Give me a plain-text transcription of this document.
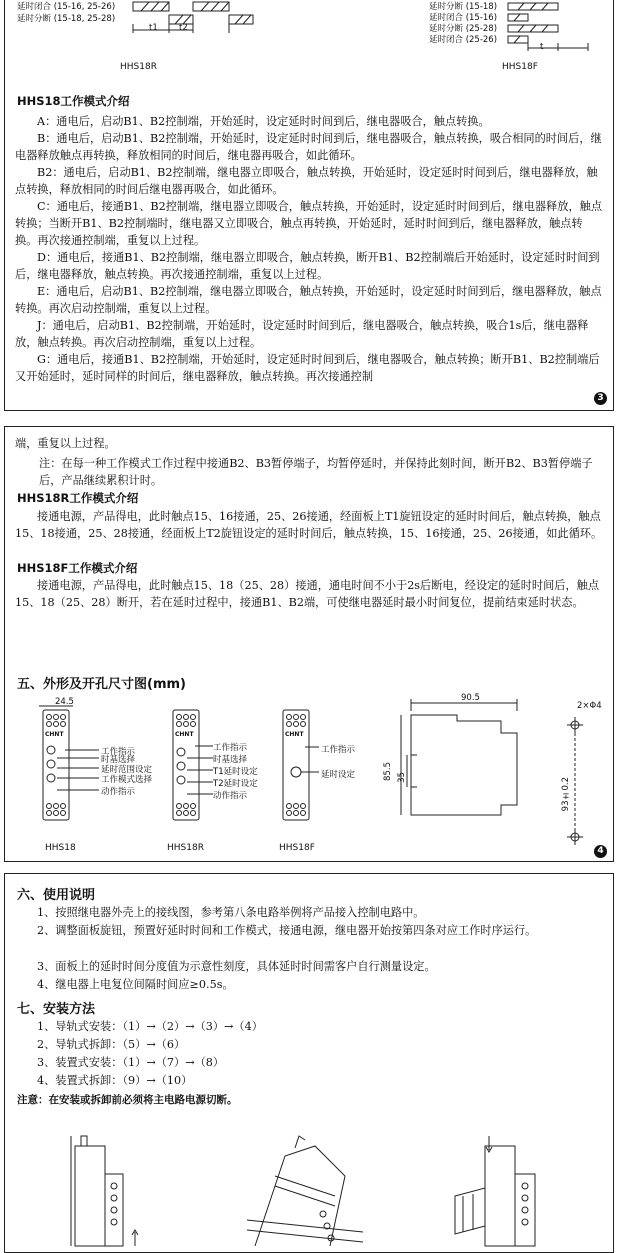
延时闭合 (15-16, 25-26)
延时分断 (15-18, 25-28)
t1	t2
HHS18R
延时分断 (15-18)
延时闭合 (15-16)
延时分断 (25-28)
延时闭合 (25-26)
t
HHS18F
HHS18工作模式介绍

A：通电后，启动B1、B2控制端，开始延时，设定延时时间到后，继电器吸合，触点转换。

B：通电后，启动B1、B2控制端，开始延时，设定延时时间到后，继电器吸合，触点转换，吸合相同的时间后，继电器释放触点再转换，释放相同的时间后，继电器再吸合，如此循环。

B2：通电后，启动B1、B2控制端，继电器立即吸合，触点转换，开始延时，设定延时时间到后，继电器释放，触点转换，释放相同的时间后继电器再吸合，如此循环。

C：通电后，接通B1、B2控制端，继电器立即吸合，触点转换，开始延时，设定延时时间到后，继电器释放，触点转换；当断开B1、B2控制端时，继电器又立即吸合，触点再转换，开始延时，延时时间到后，继电器释放，触点转换。再次接通控制端，重复以上过程。

D：通电后，接通B1、B2控制端，继电器立即吸合，触点转换，断开B1、B2控制端后开始延时，设定延时时间到后，继电器释放，触点转换。再次接通控制端，重复以上过程。

E：通电后，启动B1、B2控制端，继电器立即吸合，触点转换，开始延时，设定延时时间到后，继电器释放，触点转换。再次启动控制端，重复以上过程。

J：通电后，启动B1、B2控制端，开始延时，设定延时时间到后，继电器吸合，触点转换，吸合1s后，继电器释放，触点转换。再次启动控制端，重复以上过程。

G：通电后，接通B1、B2控制端，开始延时，设定延时时间到后，继电器吸合，触点转换；断开B1、B2控制端后又开始延时，延时同样的时间后，继电器释放，触点转换。再次接通控制

3

端，重复以上过程。

注：在每一种工作模式工作过程中接通B2、B3暂停端子，均暂停延时，并保持此刻时间，断开B2、B3暂停端子后，产品继续累积计时。

HHS18R工作模式介绍

接通电源，产品得电，此时触点15、16接通，25、26接通，经面板上T1旋钮设定的延时时间后，触点转换，触点15、18接通，25、28接通，经面板上T2旋钮设定的延时时间后，触点转换，15、16接通，25、26接通，如此循环。

HHS18F工作模式介绍

接通电源，产品得电，此时触点15、18（25、28）接通，通电时间不小于2s后断电，经设定的延时时间后，触点15、18（25、28）断开，若在延时过程中，接通B1、B2端，可使继电器延时最小时间复位，提前结束延时状态。

五、外形及开孔尺寸图(mm)
24.5
CHNT
工作指示
时基选择
延时范围设定
工作模式选择
动作指示
HHS18
CHNT
工作指示
时基选择
T1延时设定
T2延时设定
动作指示
HHS18R
CHNT
工作指示
延时设定
HHS18F
90.5
85.5 35
2×Φ4
93±0.2
4
六、使用说明

1、按照继电器外壳上的接线图，参考第八条电路举例将产品接入控制电路中。

2、调整面板旋钮，预置好延时时间和工作模式，接通电源，继电器开始按第四条对应工作时序运行。

3、面板上的延时时间分度值为示意性刻度，具体延时时间需客户自行测量设定。

4、继电器上电复位间隔时间应≥0.5s。

七、安装方法

1、导轨式安装：（1）→（2）→（3）→（4）

2、导轨式拆卸：（5）→（6）

3、装置式安装：（1）→（7）→（8）

4、装置式拆卸：（9）→（10）

注意：在安装或拆卸前必须将主电路电源切断。
